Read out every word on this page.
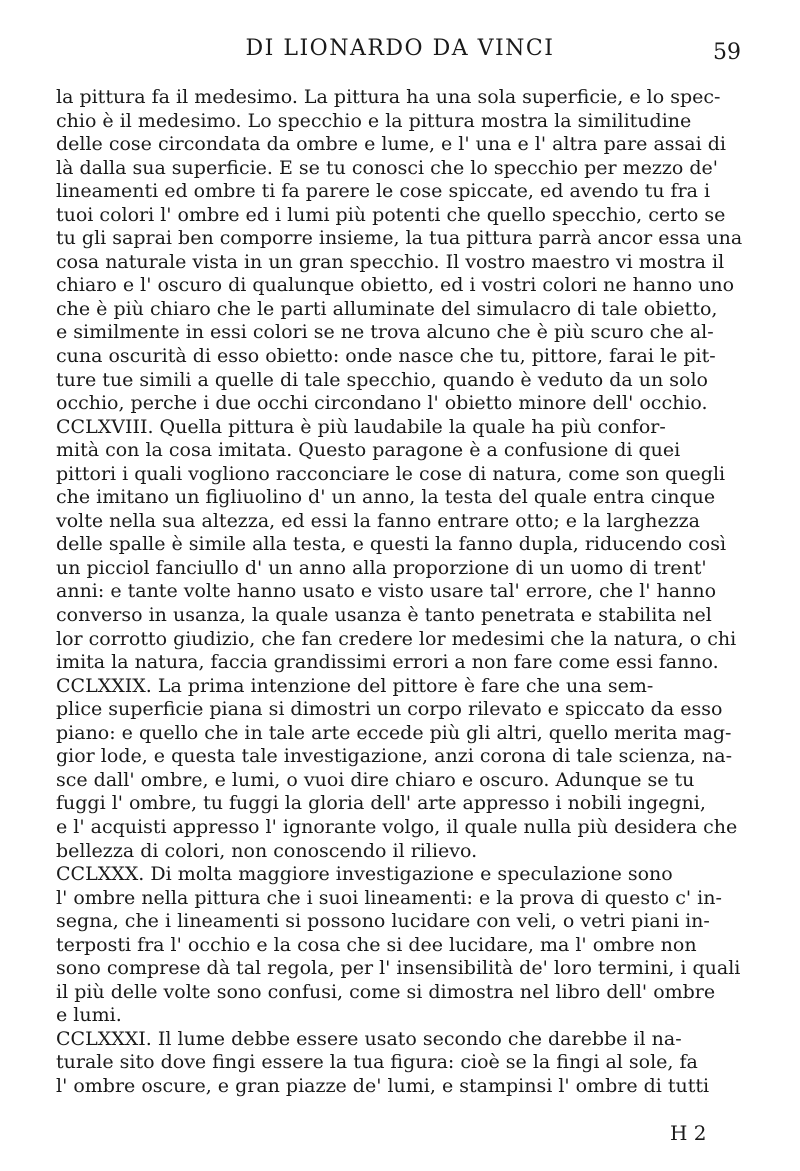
DI LIONARDO DA VINCI	59
la pittura fa il medesimo. La pittura ha una sola superficie, e lo spec-
chio è il medesimo. Lo specchio e la pittura mostra la similitudine
delle cose circondata da ombre e lume, e l' una e l' altra pare assai di
là dalla sua superficie. E se tu conosci che lo specchio per mezzo de'
lineamenti ed ombre ti fa parere le cose spiccate, ed avendo tu fra i
tuoi colori l' ombre ed i lumi più potenti che quello specchio, certo se
tu gli saprai ben comporre insieme, la tua pittura parrà ancor essa una
cosa naturale vista in un gran specchio. Il vostro maestro vi mostra il
chiaro e l' oscuro di qualunque obietto, ed i vostri colori ne hanno uno
che è più chiaro che le parti alluminate del simulacro di tale obietto,
e similmente in essi colori se ne trova alcuno che è più scuro che al-
cuna oscurità di esso obietto: onde nasce che tu, pittore, farai le pit-
ture tue simili a quelle di tale specchio, quando è veduto da un solo
occhio, perche i due occhi circondano l' obietto minore dell' occhio.
CCLXVIII. Quella pittura è più laudabile la quale ha più confor-
mità con la cosa imitata. Questo paragone è a confusione di quei
pittori i quali vogliono racconciare le cose di natura, come son quegli
che imitano un figliuolino d' un anno, la testa del quale entra cinque
volte nella sua altezza, ed essi la fanno entrare otto; e la larghezza
delle spalle è simile alla testa, e questi la fanno dupla, riducendo così
un picciol fanciullo d' un anno alla proporzione di un uomo di trent'
anni: e tante volte hanno usato e visto usare tal' errore, che l' hanno
converso in usanza, la quale usanza è tanto penetrata e stabilita nel
lor corrotto giudizio, che fan credere lor medesimi che la natura, o chi
imita la natura, faccia grandissimi errori a non fare come essi fanno.
CCLXXIX. La prima intenzione del pittore è fare che una sem-
plice superficie piana si dimostri un corpo rilevato e spiccato da esso
piano: e quello che in tale arte eccede più gli altri, quello merita mag-
gior lode, e questa tale investigazione, anzi corona di tale scienza, na-
sce dall' ombre, e lumi, o vuoi dire chiaro e oscuro. Adunque se tu
fuggi l' ombre, tu fuggi la gloria dell' arte appresso i nobili ingegni,
e l' acquisti appresso l' ignorante volgo, il quale nulla più desidera che
bellezza di colori, non conoscendo il rilievo.
CCLXXX. Di molta maggiore investigazione e speculazione sono
l' ombre nella pittura che i suoi lineamenti: e la prova di questo c' in-
segna, che i lineamenti si possono lucidare con veli, o vetri piani in-
terposti fra l' occhio e la cosa che si dee lucidare, ma l' ombre non
sono comprese dà tal regola, per l' insensibilità de' loro termini, i quali
il più delle volte sono confusi, come si dimostra nel libro dell' ombre
e lumi.
CCLXXXI. Il lume debbe essere usato secondo che darebbe il na-
turale sito dove fingi essere la tua figura: cioè se la fingi al sole, fa
l' ombre oscure, e gran piazze de' lumi, e stampinsi l' ombre di tutti
H 2
